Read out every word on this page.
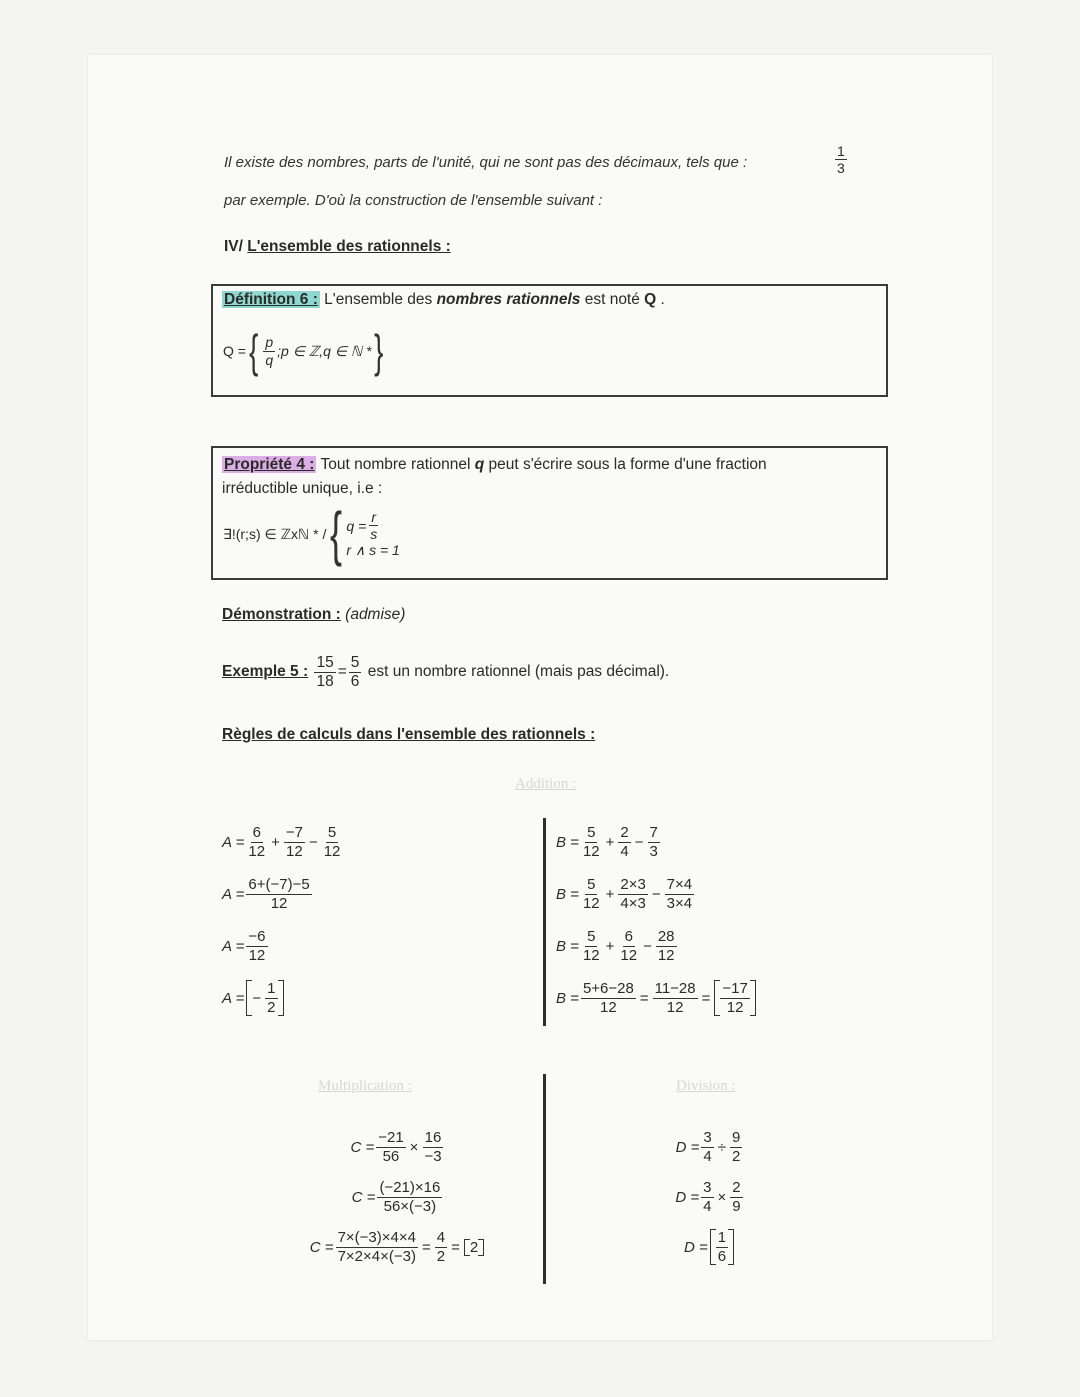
Il existe des nombres, parts de l'unité, qui ne sont pas des décimaux, tels que :	$\frac{1}{3}$
par exemple. D'où la construction de l'ensemble suivant :
IV/ L'ensemble des rationnels :
Définition 6 : L'ensemble des nombres rationnels est noté Q .
Q = { $\frac{p}{q}$ ;p ∈ ℤ,q ∈ ℕ * }
Propriété 4 : Tout nombre rationnel q peut s'écrire sous la forme d'une fraction
irréductible unique, i.e :
∃!(r;s) ∈ ℤxℕ * / { $q = \frac{r}{s}$
r ∧ s = 1
Démonstration : (admise)
Exemple 5 :
$\frac{15}{18} = \frac{5}{6}$
est un nombre rationnel (mais pas décimal).
Règles de calculs dans l'ensemble des rationnels :
Addition :
$A = \frac{6}{12} + \frac{-7}{12} - \frac{5}{12}$
$A = \frac{6+(-7)-5}{12}$
$A = \frac{-6}{12}$
A = − $\frac{1}{2}$
$B = \frac{5}{12} + \frac{2}{4} - \frac{7}{3}$
$B = \frac{5}{12} + \frac{2\times 3}{4\times 3} - \frac{7\times 4}{3\times 4}$
$B = \frac{5}{12} + \frac{6}{12} - \frac{28}{12}$
$B = \frac{5+6-28}{12} = \frac{11-28}{12} = \frac{-17}{12}$
Multiplication :	Division :
$C = \frac{-21}{56} \times \frac{16}{-3}$
$C = \frac{(-21)\times 16}{56\times(-3)}$
$C = \frac{7\times(-3)\times 4\times 4}{7\times 2\times 4\times(-3)} = \frac{4}{2} = 2$
$D = \frac{3}{4} \div \frac{9}{2}$
$D = \frac{3}{4} \times \frac{2}{9}$
$D = \frac{1}{6}$
